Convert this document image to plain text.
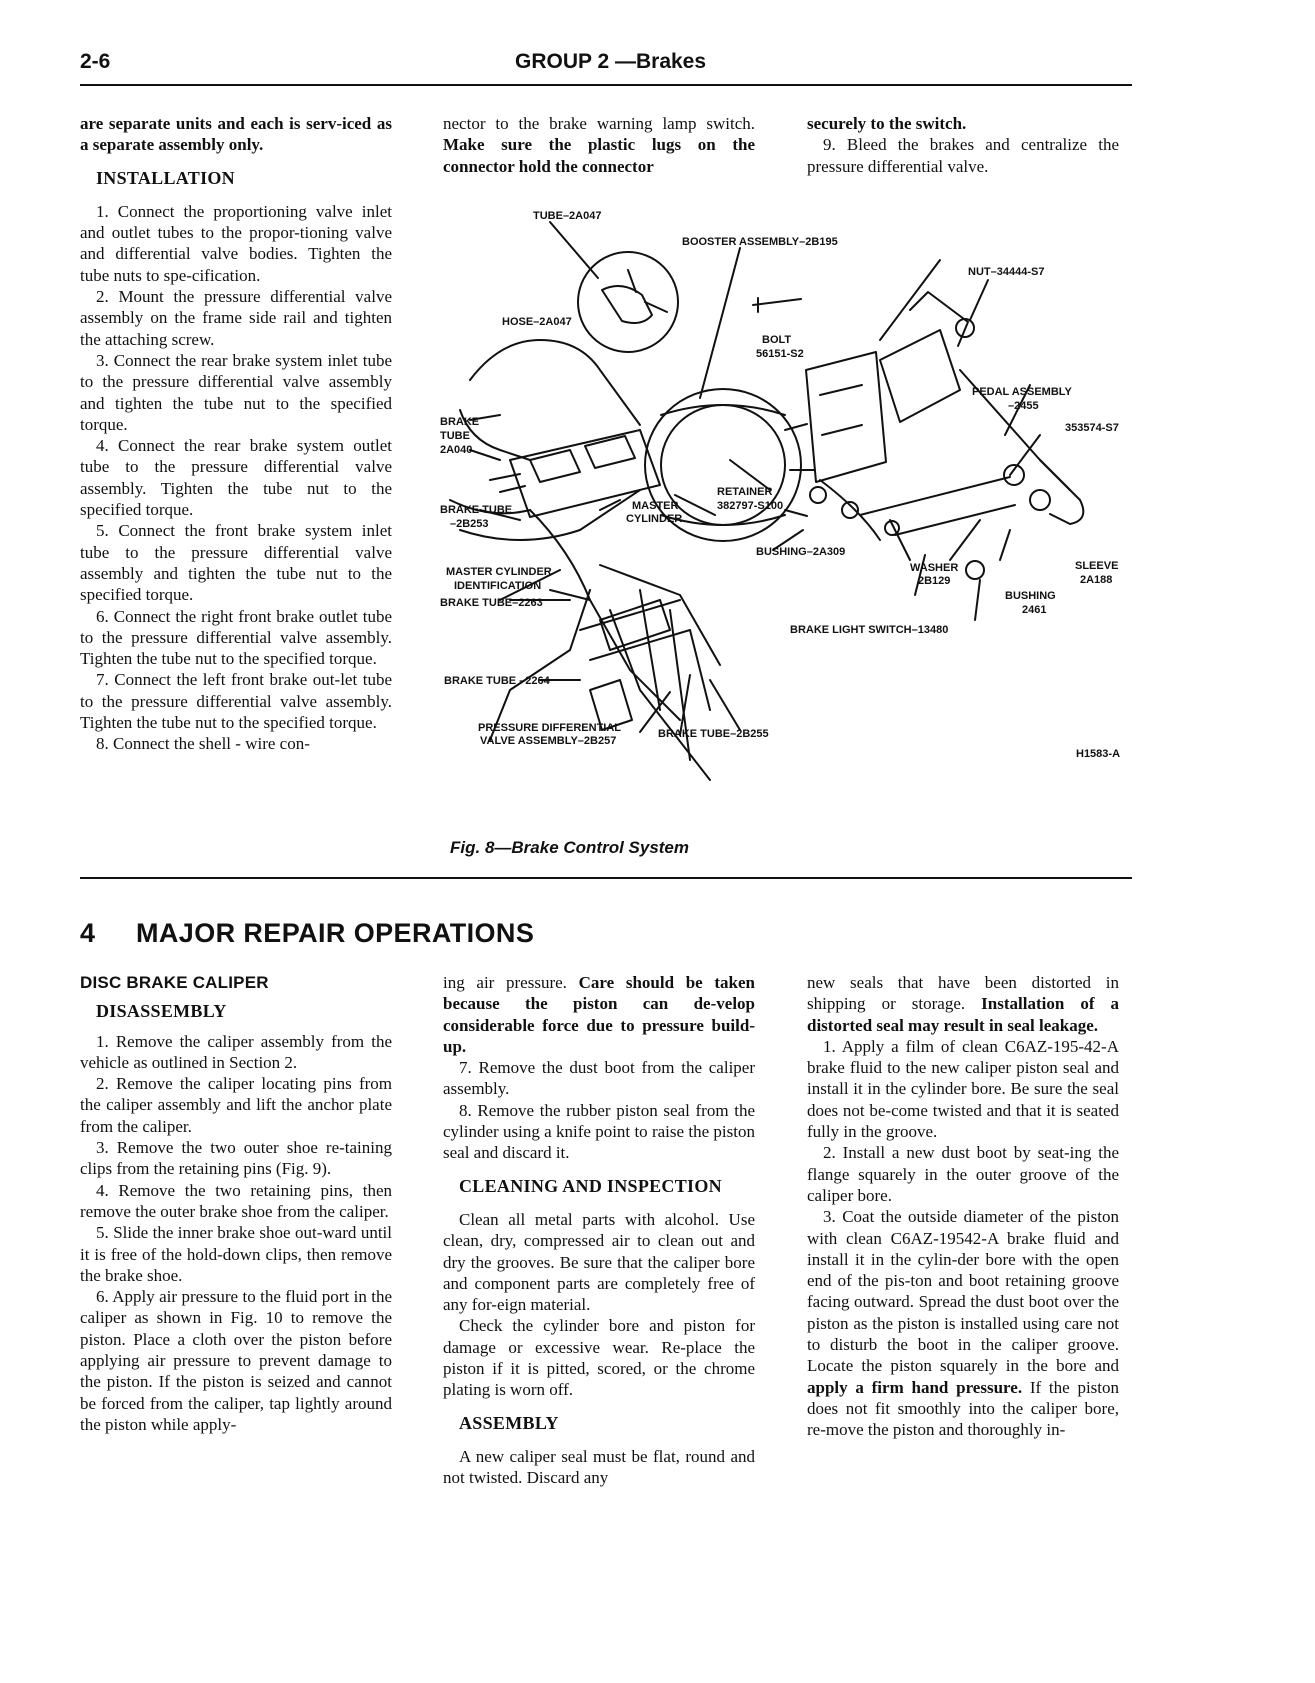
2-6	GROUP 2 —Brakes

are separate units and each is serv-iced as a separate assembly only.

INSTALLATION

1. Connect the proportioning valve inlet and outlet tubes to the propor-tioning valve and differential valve bodies. Tighten the tube nuts to spe-cification.

2. Mount the pressure differential valve assembly on the frame side rail and tighten the attaching screw.

3. Connect the rear brake system inlet tube to the pressure differential valve assembly and tighten the tube nut to the specified torque.

4. Connect the rear brake system outlet tube to the pressure differential valve assembly. Tighten the tube nut to the specified torque.

5. Connect the front brake system inlet tube to the pressure differential valve assembly and tighten the tube nut to the specified torque.

6. Connect the right front brake outlet tube to the pressure differential valve assembly. Tighten the tube nut to the specified torque.

7. Connect the left front brake out-let tube to the pressure differential valve assembly. Tighten the tube nut to the specified torque.

8. Connect the shell - wire con-

nector to the brake warning lamp switch. Make sure the plastic lugs on the connector hold the connector

securely to the switch.

9. Bleed the brakes and centralize the pressure differential valve.

TUBE–2A047
BOOSTER ASSEMBLY–2B195
NUT–34444-S7
HOSE–2A047
BOLT
56151-S2
PEDAL ASSEMBLY
–2455
BRAKE
TUBE
2A040
353574-S7
RETAINER
382797-S100
MASTER
CYLINDER
BRAKE TUBE
–2B253
BUSHING–2A309
WASHER
2B129
SLEEVE
2A188
BUSHING
2461
MASTER CYLINDER
IDENTIFICATION
BRAKE TUBE–2263
BRAKE LIGHT SWITCH–13480
BRAKE TUBE –2264
PRESSURE DIFFERENTIAL
VALVE ASSEMBLY–2B257
BRAKE TUBE–2B255
H1583-A
Fig. 8—Brake Control System
4 MAJOR REPAIR OPERATIONS

DISC BRAKE CALIPER

DISASSEMBLY

1. Remove the caliper assembly from the vehicle as outlined in Section 2.

2. Remove the caliper locating pins from the caliper assembly and lift the anchor plate from the caliper.

3. Remove the two outer shoe re-taining clips from the retaining pins (Fig. 9).

4. Remove the two retaining pins, then remove the outer brake shoe from the caliper.

5. Slide the inner brake shoe out-ward until it is free of the hold-down clips, then remove the brake shoe.

6. Apply air pressure to the fluid port in the caliper as shown in Fig. 10 to remove the piston. Place a cloth over the piston before applying air pressure to prevent damage to the piston. If the piston is seized and cannot be forced from the caliper, tap lightly around the piston while apply-

ing air pressure. Care should be taken because the piston can de-velop considerable force due to pressure build-up.

7. Remove the dust boot from the caliper assembly.

8. Remove the rubber piston seal from the cylinder using a knife point to raise the piston seal and discard it.

CLEANING AND INSPECTION

Clean all metal parts with alcohol. Use clean, dry, compressed air to clean out and dry the grooves. Be sure that the caliper bore and component parts are completely free of any for-eign material.

Check the cylinder bore and piston for damage or excessive wear. Re-place the piston if it is pitted, scored, or the chrome plating is worn off.

ASSEMBLY

A new caliper seal must be flat, round and not twisted. Discard any

new seals that have been distorted in shipping or storage. Installation of a distorted seal may result in seal leakage.

1. Apply a film of clean C6AZ-195-42-A brake fluid to the new caliper piston seal and install it in the cylinder bore. Be sure the seal does not be-come twisted and that it is seated fully in the groove.

2. Install a new dust boot by seat-ing the flange squarely in the outer groove of the caliper bore.

3. Coat the outside diameter of the piston with clean C6AZ-19542-A brake fluid and install it in the cylin-der bore with the open end of the pis-ton and boot retaining groove facing outward. Spread the dust boot over the piston as the piston is installed using care not to disturb the boot in the caliper groove. Locate the piston squarely in the bore and apply a firm hand pressure. If the piston does not fit smoothly into the caliper bore, re-move the piston and thoroughly in-
